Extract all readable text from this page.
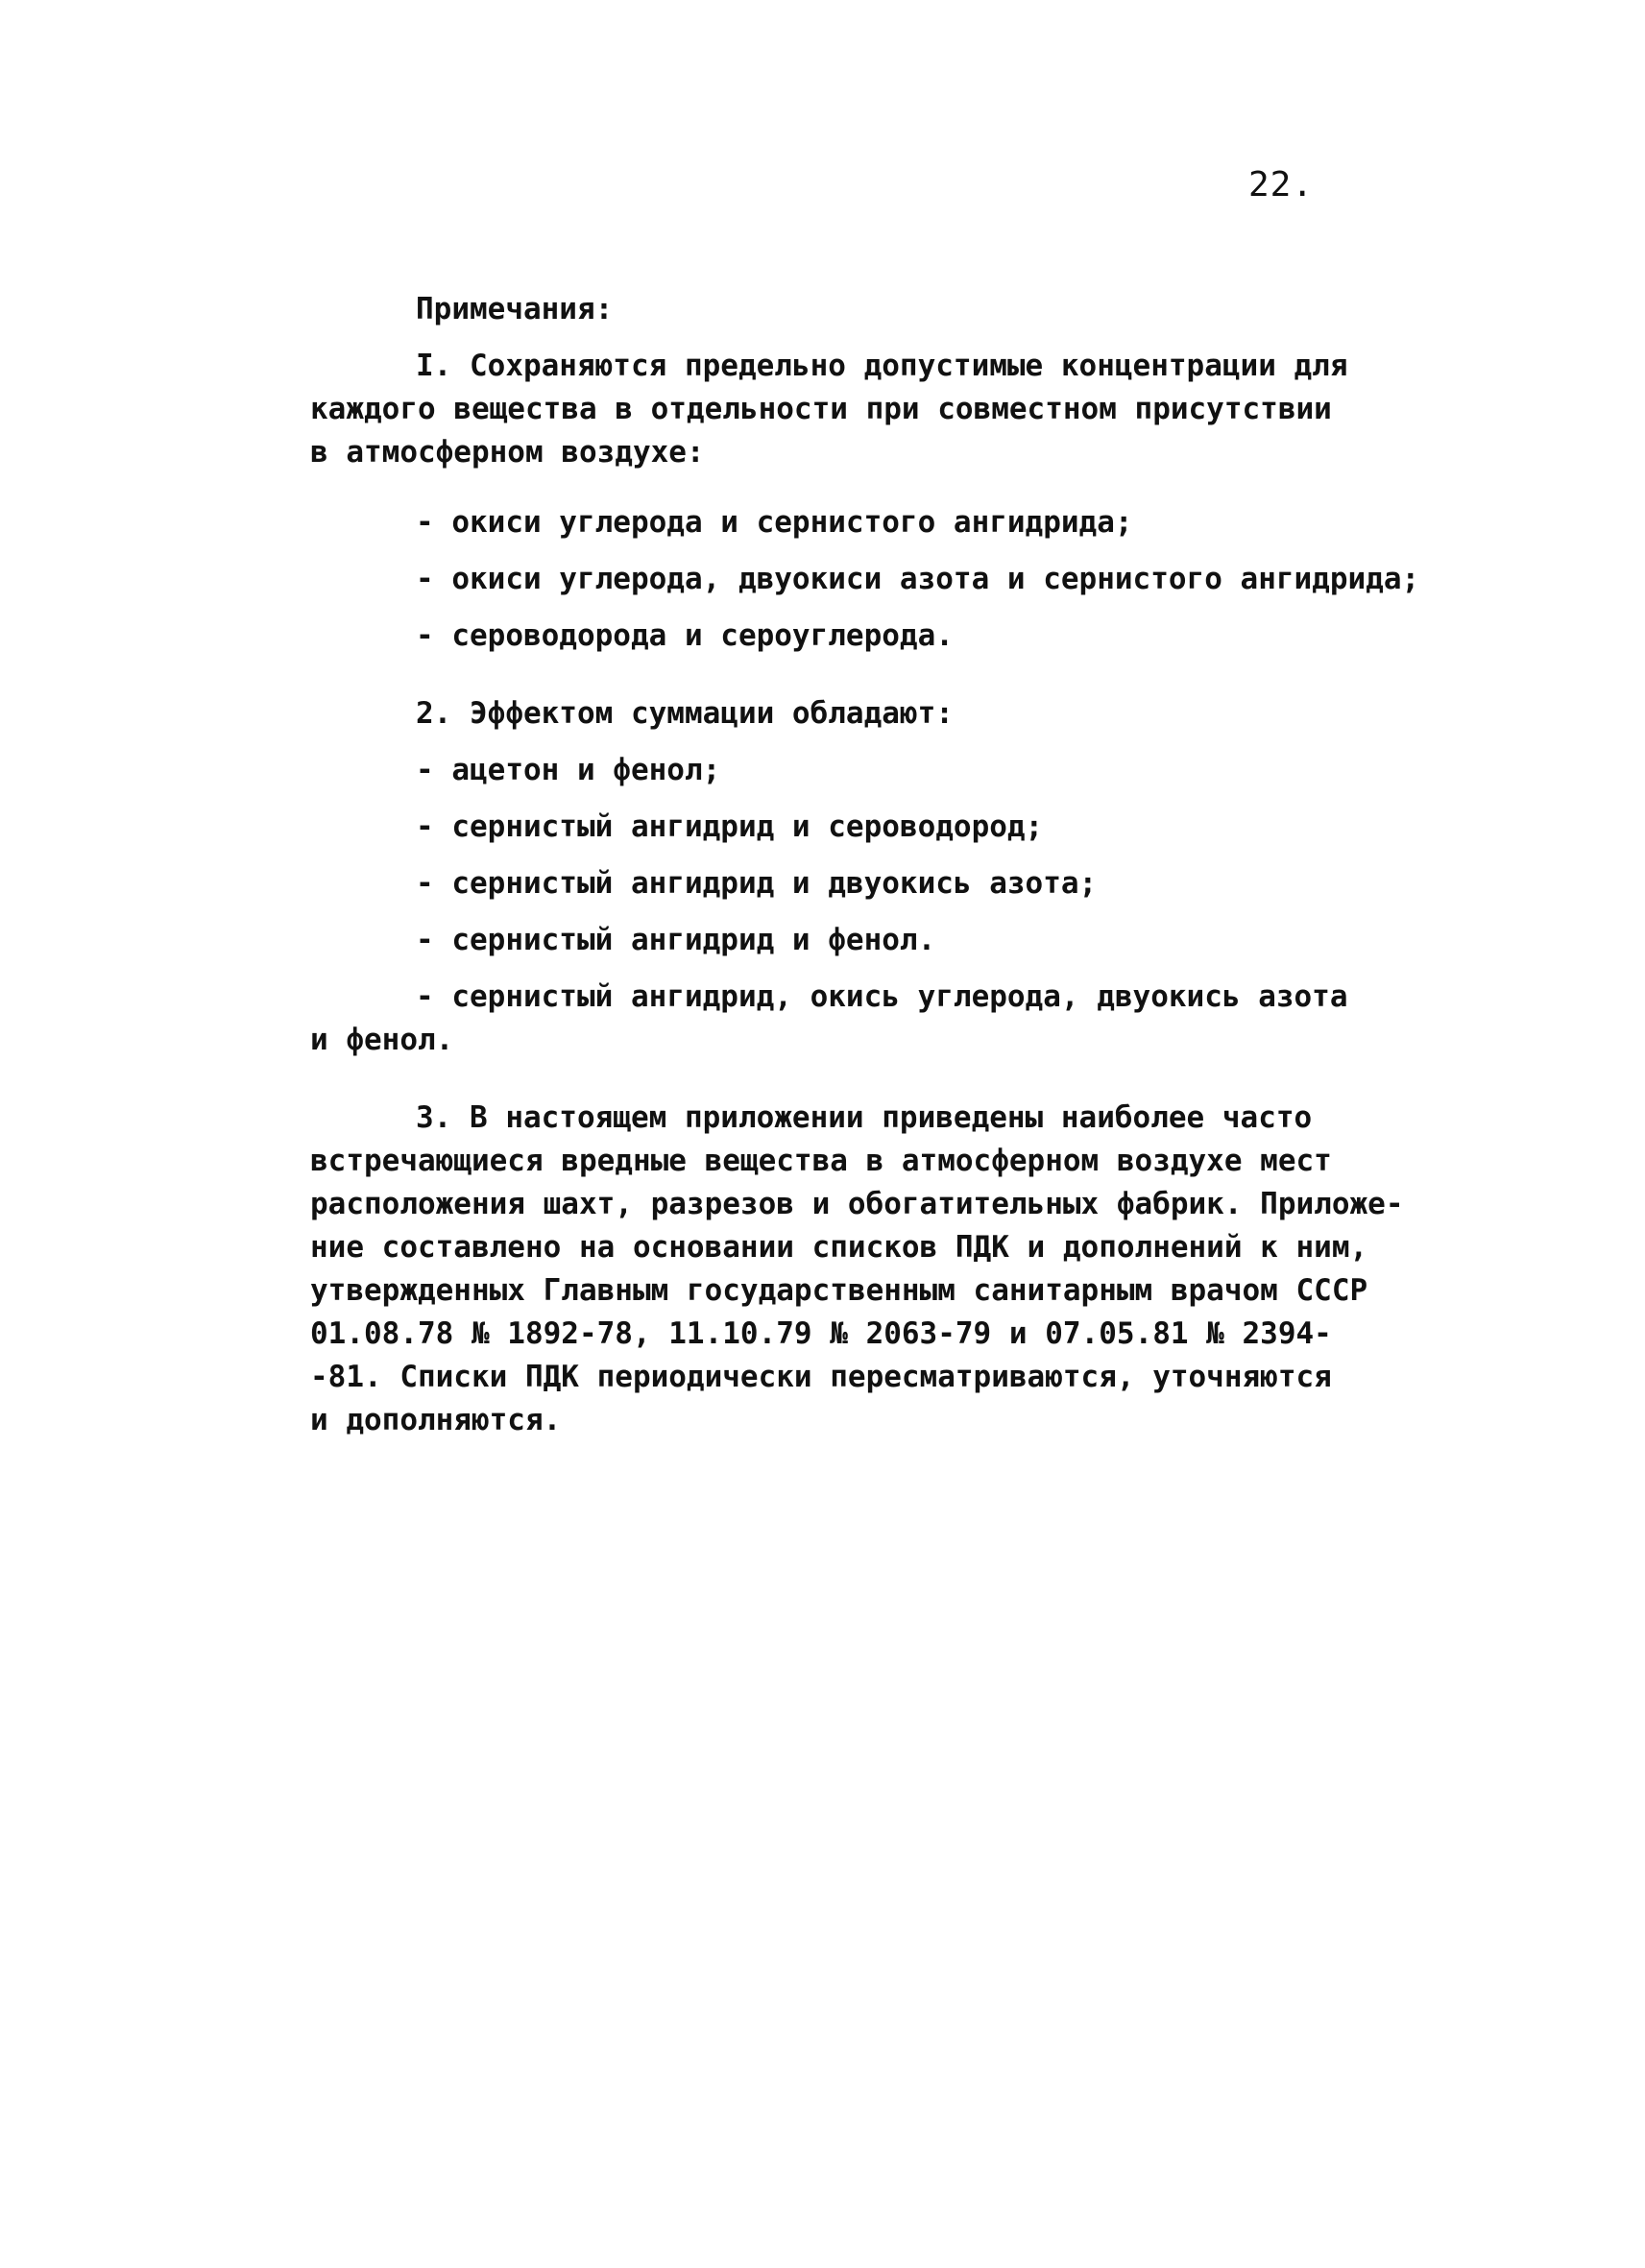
22.
Примечания:
I. Сохраняются предельно допустимые концентрации для
каждого вещества в отдельности при совместном присутствии
в атмосферном воздухе:
- окиси углерода и сернистого ангидрида;
- окиси углерода, двуокиси азота и сернистого ангидрида;
- сероводорода и сероуглерода.
2. Эффектом суммации обладают:
- ацетон и фенол;
- сернистый ангидрид и сероводород;
- сернистый ангидрид и двуокись азота;
- сернистый ангидрид и фенол.
- сернистый ангидрид, окись углерода, двуокись азота
и фенол.
3. В настоящем приложении приведены наиболее часто
встречающиеся вредные вещества в атмосферном воздухе мест
расположения шахт, разрезов и обогатительных фабрик. Приложе-
ние составлено на основании списков ПДК и дополнений к ним,
утвержденных Главным государственным санитарным врачом СССР
01.08.78 № 1892-78, 11.10.79 № 2063-79 и 07.05.81 № 2394-
-81. Списки ПДК периодически пересматриваются, уточняются
и дополняются.
